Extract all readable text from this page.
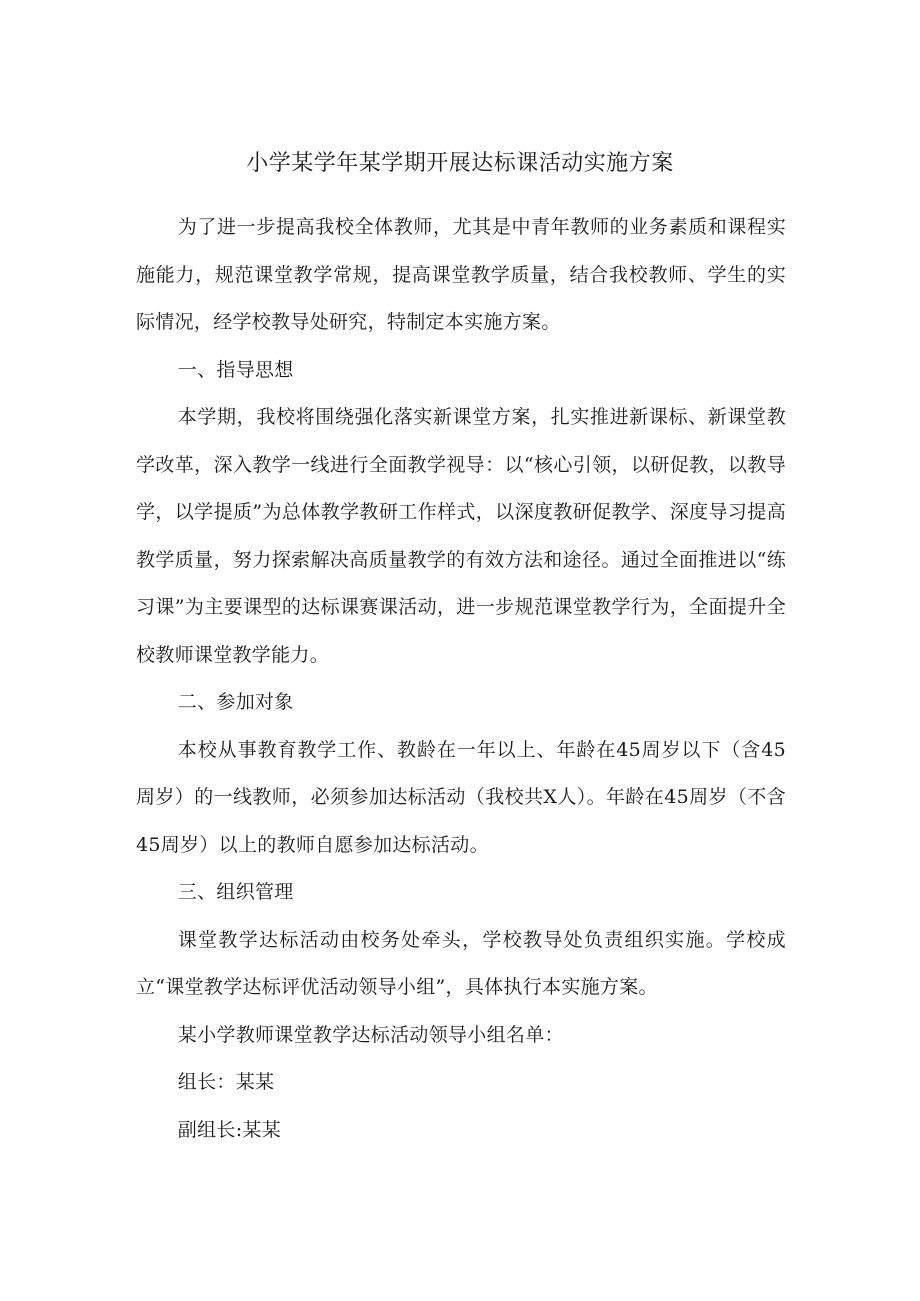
小学某学年某学期开展达标课活动实施方案

为了进一步提高我校全体教师，尤其是中青年教师的业务素质和课程实施能力，规范课堂教学常规，提高课堂教学质量，结合我校教师、学生的实际情况，经学校教导处研究，特制定本实施方案。

一、指导思想

本学期，我校将围绕强化落实新课堂方案，扎实推进新课标、新课堂教学改革，深入教学一线进行全面教学视导：以“核心引领，以研促教，以教导学，以学提质”为总体教学教研工作样式，以深度教研促教学、深度导习提高教学质量，努力探索解决高质量教学的有效方法和途径。通过全面推进以“练习课”为主要课型的达标课赛课活动，进一步规范课堂教学行为，全面提升全校教师课堂教学能力。

二、参加对象

本校从事教育教学工作、教龄在一年以上、年龄在45周岁以下（含45周岁）的一线教师，必须参加达标活动（我校共X人）。年龄在45周岁（不含45周岁）以上的教师自愿参加达标活动。

三、组织管理

课堂教学达标活动由校务处牵头，学校教导处负责组织实施。学校成立“课堂教学达标评优活动领导小组”，具体执行本实施方案。

某小学教师课堂教学达标活动领导小组名单：

组长：某某

副组长:某某
